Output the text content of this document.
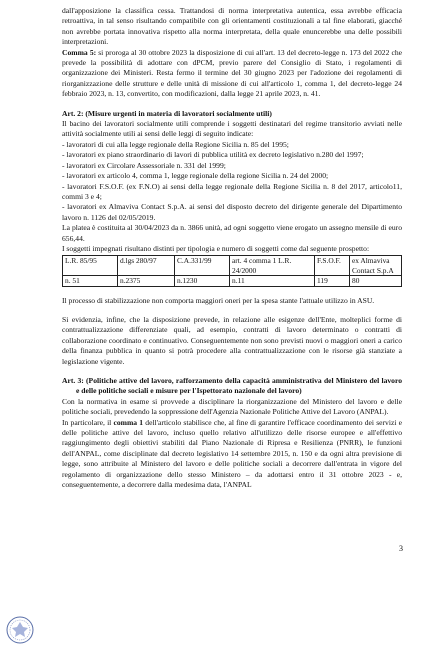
dall'apposizione la classifica cessa. Trattandosi di norma interpretativa autentica, essa avrebbe efficacia retroattiva, in tal senso risultando compatibile con gli orientamenti costituzionali a tal fine elaborati, giacché non avrebbe portata innovativa rispetto alla norma interpretata, della quale enuncerebbe una delle possibili interpretazioni.

Comma 5: si proroga al 30 ottobre 2023 la disposizione di cui all'art. 13 del decreto-legge n. 173 del 2022 che prevede la possibilità di adottare con dPCM, previo parere del Consiglio di Stato, i regolamenti di organizzazione dei Ministeri. Resta fermo il termine del 30 giugno 2023 per l'adozione dei regolamenti di riorganizzazione delle strutture e delle unità di missione di cui all'articolo 1, comma 1, del decreto-legge 24 febbraio 2023, n. 13, convertito, con modificazioni, dalla legge 21 aprile 2023, n. 41.

Art. 2: (Misure urgenti in materia di lavoratori socialmente utili)

Il bacino dei lavoratori socialmente utili comprende i soggetti destinatari del regime transitorio avviati nelle attività socialmente utili ai sensi delle leggi di seguito indicate:

- lavoratori di cui alla legge regionale della Regione Sicilia n. 85 del 1995;

- lavoratori ex piano straordinario di lavori di pubblica utilità ex decreto legislativo n.280 del 1997;

- lavoratori ex Circolare Assessoriale n. 331 del 1999;

- lavoratori ex articolo 4, comma 1, legge regionale della regione Sicilia n. 24 del 2000;

- lavoratori F.S.O.F. (ex F.N.O) ai sensi della legge regionale della Regione Sicilia n. 8 del 2017, articolo11, commi 3 e 4;

- lavoratori ex Almaviva Contact S.p.A. ai sensi del disposto decreto del dirigente generale del Dipartimento lavoro n. 1126 del 02/05/2019.

La platea è costituita al 30/04/2023 da n. 3866 unità, ad ogni soggetto viene erogato un assegno mensile di euro 656,44.

I soggetti impegnati risultano distinti per tipologia e numero di soggetti come dal seguente prospetto:

L.R. 85/95	d.lgs 280/97	C.A.331/99	art. 4 comma 1 L.R. 24/2000	F.S.O.F.	ex Almaviva Contact S.p.A
n. 51	n.2375	n.1230	n.11	119	80

Il processo di stabilizzazione non comporta maggiori oneri per la spesa stante l'attuale utilizzo in ASU.

Si evidenzia, infine, che la disposizione prevede, in relazione alle esigenze dell'Ente, molteplici forme di contrattualizzazione differenziate quali, ad esempio, contratti di lavoro determinato o contratti di collaborazione coordinato e continuativo. Conseguentemente non sono previsti nuovi o maggiori oneri a carico della finanza pubblica in quanto si potrà procedere alla contrattualizzazione con le risorse già stanziate a legislazione vigente.

Art. 3: (Politiche attive del lavoro, rafforzamento della capacità amministrativa del Ministero del lavoro e delle politiche sociali e misure per l'Ispettorato nazionale del lavoro)

Con la normativa in esame si provvede a disciplinare la riorganizzazione del Ministero del lavoro e delle politiche sociali, prevedendo la soppressione dell'Agenzia Nazionale Politiche Attive del Lavoro (ANPAL).

In particolare, il comma 1 dell'articolo stabilisce che, al fine di garantire l'efficace coordinamento dei servizi e delle politiche attive del lavoro, incluso quello relativo all'utilizzo delle risorse europee e all'effettivo raggiungimento degli obiettivi stabiliti dal Piano Nazionale di Ripresa e Resilienza (PNRR), le funzioni dell'ANPAL, come disciplinate dal decreto legislativo 14 settembre 2015, n. 150 e da ogni altra previsione di legge, sono attribuite al Ministero del lavoro e delle politiche sociali a decorrere dall'entrata in vigore del regolamento di organizzazione dello stesso Ministero – da adottarsi entro il 31 ottobre 2023 - e, conseguentemente, a decorrere dalla medesima data, l'ANPAL

3
